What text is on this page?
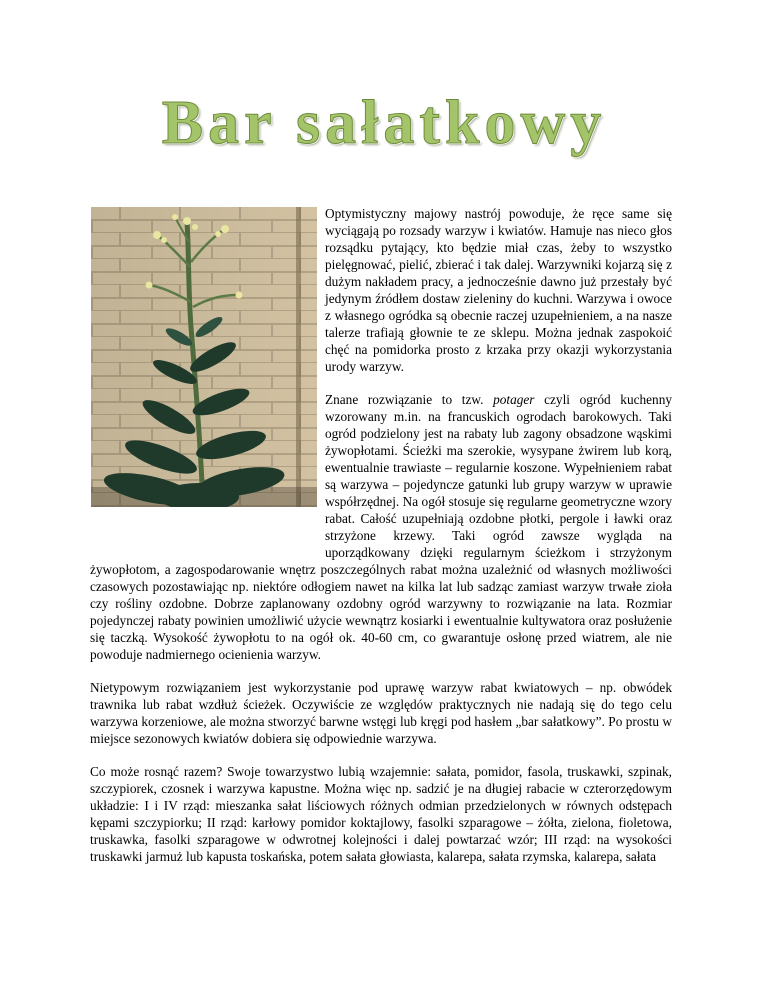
Bar sałatkowy

Optymistyczny majowy nastrój powoduje, że ręce same się wyciągają po rozsady warzyw i kwiatów. Hamuje nas nieco głos rozsądku pytający, kto będzie miał czas, żeby to wszystko pielęgnować, pielić, zbierać i tak dalej. Warzywniki kojarzą się z dużym nakładem pracy, a jednocześnie dawno już przestały być jedynym źródłem dostaw zieleniny do kuchni. Warzywa i owoce z własnego ogródka są obecnie raczej uzupełnieniem, a na nasze talerze trafiają głownie te ze sklepu. Można jednak zaspokoić chęć na pomidorka prosto z krzaka przy okazji wykorzystania urody warzyw.

Znane rozwiązanie to tzw. potager czyli ogród kuchenny wzorowany m.in. na francuskich ogrodach barokowych. Taki ogród podzielony jest na rabaty lub zagony obsadzone wąskimi żywopłotami. Ścieżki ma szerokie, wysypane żwirem lub korą, ewentualnie trawiaste – regularnie koszone. Wypełnieniem rabat są warzywa – pojedyncze gatunki lub grupy warzyw w uprawie współrzędnej. Na ogół stosuje się regularne geometryczne wzory rabat. Całość uzupełniają ozdobne płotki, pergole i ławki oraz strzyżone krzewy. Taki ogród zawsze wygląda na uporządkowany dzięki regularnym ścieżkom i strzyżonym żywopłotom, a zagospodarowanie wnętrz poszczególnych rabat można uzależnić od własnych możliwości czasowych pozostawiając np. niektóre odłogiem nawet na kilka lat lub sadząc zamiast warzyw trwałe zioła czy rośliny ozdobne. Dobrze zaplanowany ozdobny ogród warzywny to rozwiązanie na lata. Rozmiar pojedynczej rabaty powinien umożliwić użycie wewnątrz kosiarki i ewentualnie kultywatora oraz posłużenie się taczką. Wysokość żywopłotu to na ogół ok. 40-60 cm, co gwarantuje osłonę przed wiatrem, ale nie powoduje nadmiernego ocienienia warzyw.

Nietypowym rozwiązaniem jest wykorzystanie pod uprawę warzyw rabat kwiatowych – np. obwódek trawnika lub rabat wzdłuż ścieżek. Oczywiście ze względów praktycznych nie nadają się do tego celu warzywa korzeniowe, ale można stworzyć barwne wstęgi lub kręgi pod hasłem „bar sałatkowy”. Po prostu w miejsce sezonowych kwiatów dobiera się odpowiednie warzywa.

Co może rosnąć razem? Swoje towarzystwo lubią wzajemnie: sałata, pomidor, fasola, truskawki, szpinak, szczypiorek, czosnek i warzywa kapustne. Można więc np. sadzić je na długiej rabacie w czterorzędowym układzie: I i IV rząd: mieszanka sałat liściowych różnych odmian przedzielonych w równych odstępach kępami szczypiorku; II rząd: karłowy pomidor koktajlowy, fasolki szparagowe – żółta, zielona, fioletowa, truskawka, fasolki szparagowe w odwrotnej kolejności i dalej powtarzać wzór; III rząd: na wysokości truskawki jarmuż lub kapusta toskańska, potem sałata głowiasta, kalarepa, sałata rzymska, kalarepa, sałata
